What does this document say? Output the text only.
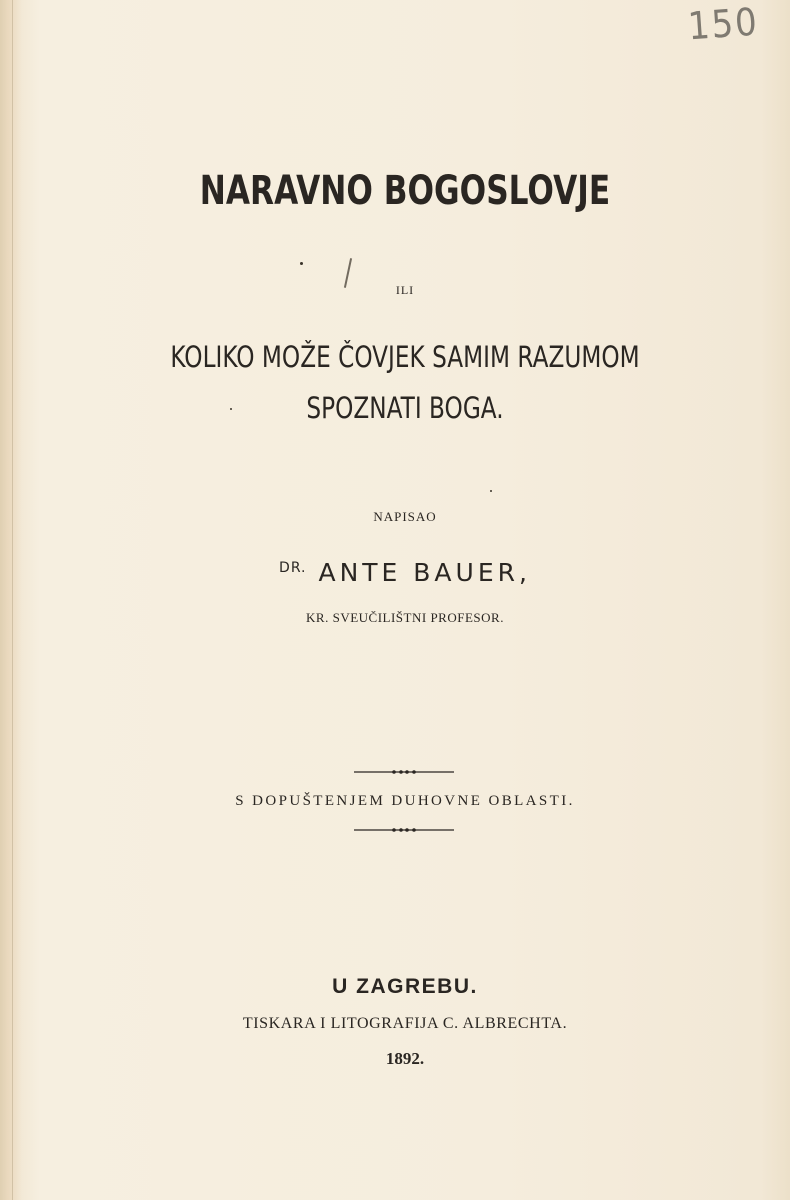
150
NARAVNO BOGOSLOVJE
ILI
KOLIKO MOŽE ČOVJEK SAMIM RAZUMOM
SPOZNATI BOGA.
NAPISAO
$^{DR.}$ ANTE BAUER,
KR. SVEUČILIŠTNI PROFESOR.
S DOPUŠTENJEM DUHOVNE OBLASTI.
U ZAGREBU.
TISKARA I LITOGRAFIJA C. ALBRECHTA.
1892.
